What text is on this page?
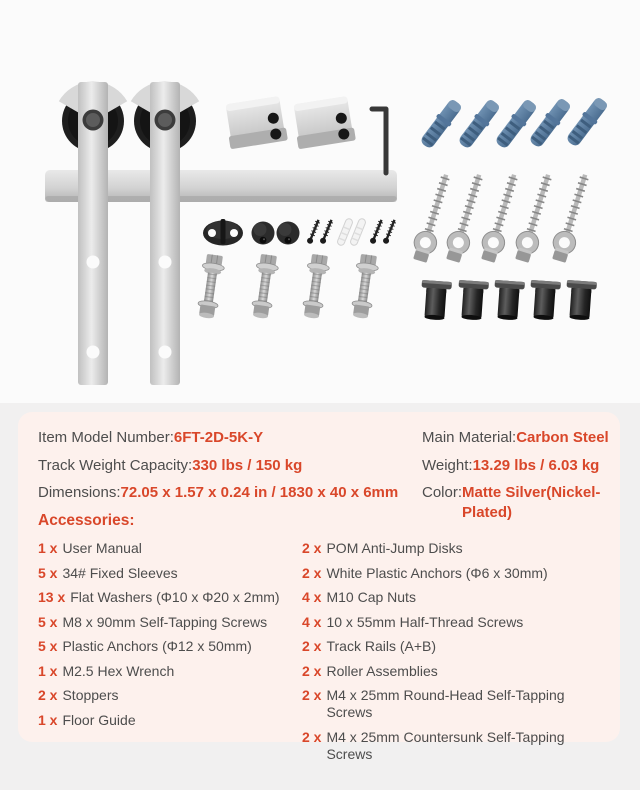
Item Model Number: 6FT-2D-5K-Y
Track Weight Capacity: 330 lbs / 150 kg
Dimensions: 72.05 x 1.57 x 0.24 in / 1830 x 40 x 6mm
Main Material: Carbon Steel
Weight: 13.29 lbs / 6.03 kg
Color: Matte Silver(Nickel-Plated)
Accessories:
1 x User Manual
5 x 34# Fixed Sleeves
13 x Flat Washers (Φ10 x Φ20 x 2mm)
5 x M8 x 90mm Self-Tapping Screws
5 x Plastic Anchors (Φ12 x 50mm)
1 x M2.5 Hex Wrench
2 x Stoppers
1 x Floor Guide
2 x POM Anti-Jump Disks
2 x White Plastic Anchors (Φ6 x 30mm)
4 x M10 Cap Nuts
4 x 10 x 55mm Half-Thread Screws
2 x Track Rails (A+B)
2 x Roller Assemblies
2 x M4 x 25mm Round-Head Self-Tapping Screws
2 x M4 x 25mm Countersunk Self-Tapping Screws
